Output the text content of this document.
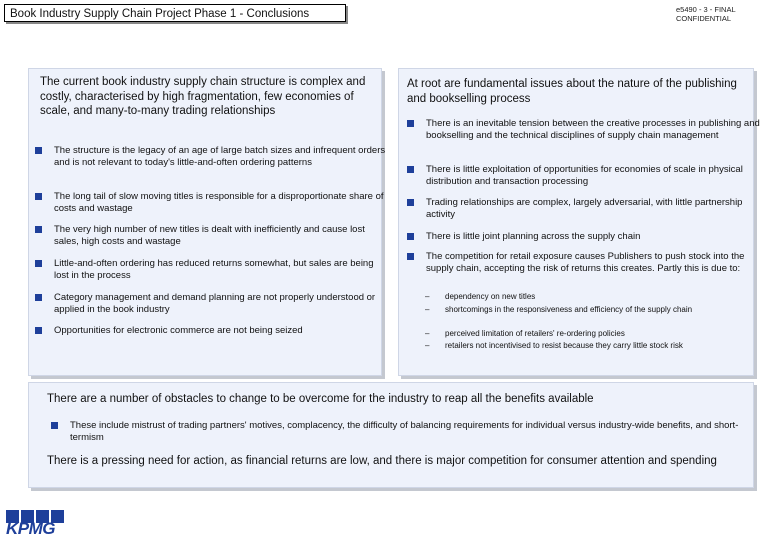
Book Industry Supply Chain Project Phase 1 - Conclusions	e5490 - 3 - FINAL
CONFIDENTIAL
The current book industry supply chain structure is complex and costly, characterised by high fragmentation, few economies of scale, and many-to-many trading relationships
The structure is the legacy of an age of large batch sizes and infrequent orders and is not relevant to today's little-and-often ordering patterns
The long tail of slow moving titles is responsible for a disproportionate share of costs and wastage
The very high number of new titles is dealt with inefficiently and cause lost sales, high costs and wastage
Little-and-often ordering has reduced returns somewhat, but sales are being lost in the process
Category management and demand planning are not properly understood or applied in the book industry
Opportunities for electronic commerce are not being seized
At root are fundamental issues about the nature of the publishing and bookselling process
There is an inevitable tension between the creative processes in publishing and bookselling and the technical disciplines of supply chain management
There is little exploitation of opportunities for economies of scale in physical distribution and transaction processing
Trading relationships are complex, largely adversarial, with little partnership activity
There is little joint planning across the supply chain
The competition for retail exposure causes Publishers to push stock into the supply chain, accepting the risk of returns this creates. Partly this is due to:
– dependency on new titles
– shortcomings in the responsiveness and efficiency of the supply chain
– perceived limitation of retailers' re-ordering policies
– retailers not incentivised to resist because they carry little stock risk
There are a number of obstacles to change to be overcome for the industry to reap all the benefits available
These include mistrust of trading partners' motives, complacency, the difficulty of balancing requirements for individual versus industry-wide benefits, and short-termism
There is a pressing need for action, as financial returns are low, and there is major competition for consumer attention and spending
KPMG
